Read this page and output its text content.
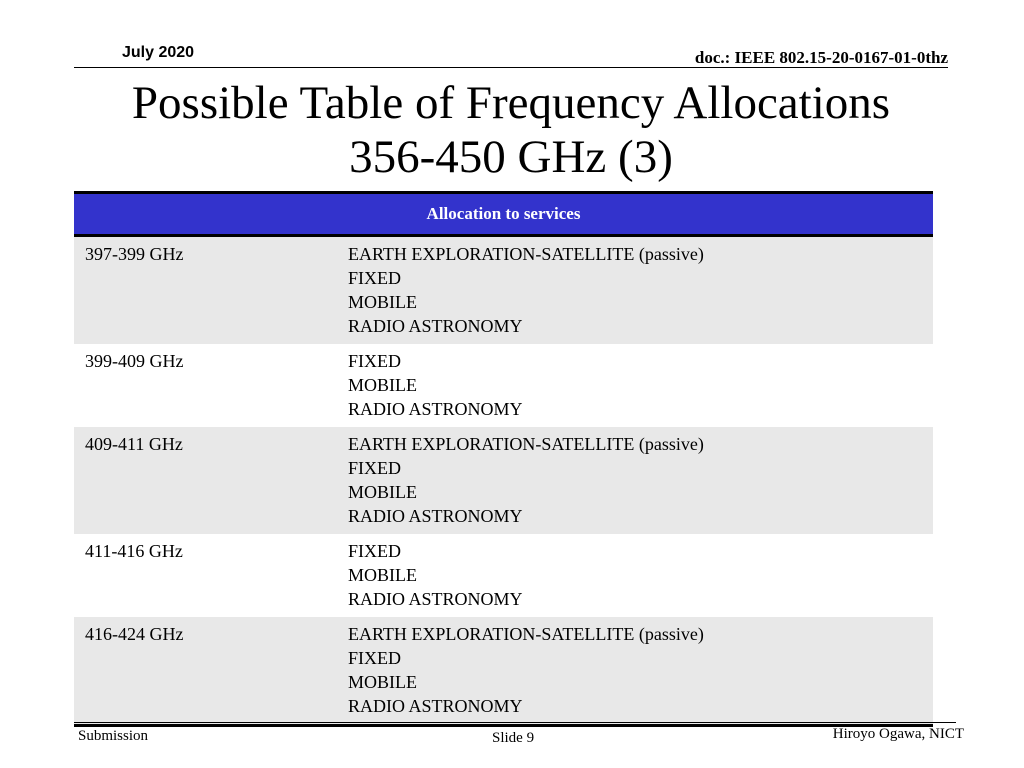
July 2020	doc.: IEEE 802.15-20-0167-01-0thz
Possible Table of Frequency Allocations
356-450 GHz (3)
Allocation to services
397-399 GHz	EARTH EXPLORATION-SATELLITE (passive)
FIXED
MOBILE
RADIO ASTRONOMY
399-409 GHz	FIXED
MOBILE
RADIO ASTRONOMY
409-411 GHz	EARTH EXPLORATION-SATELLITE (passive)
FIXED
MOBILE
RADIO ASTRONOMY
411-416 GHz	FIXED
MOBILE
RADIO ASTRONOMY
416-424 GHz	EARTH EXPLORATION-SATELLITE (passive)
FIXED
MOBILE
RADIO ASTRONOMY
Submission	Slide 9	Hiroyo Ogawa, NICT
